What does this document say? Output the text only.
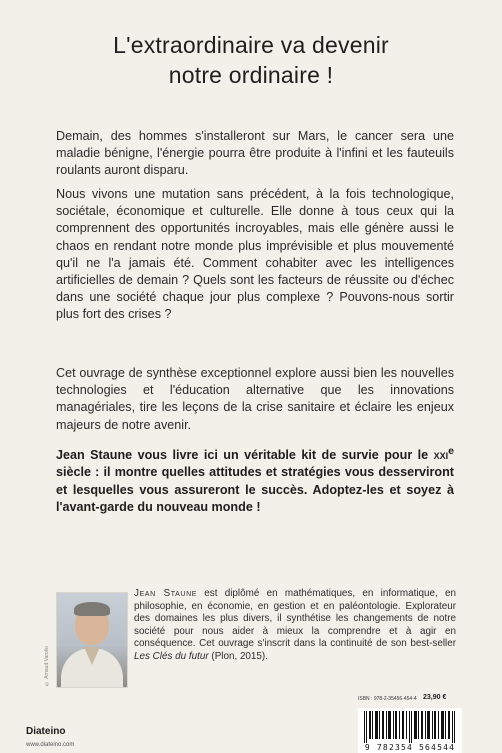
L'extraordinaire va devenir
notre ordinaire !
Demain, des hommes s'installeront sur Mars, le cancer sera une maladie bénigne, l'énergie pourra être produite à l'infini et les fauteuils roulants auront disparu.
Nous vivons une mutation sans précédent, à la fois technologique, sociétale, économique et culturelle. Elle donne à tous ceux qui la comprennent des opportunités incroyables, mais elle génère aussi le chaos en rendant notre monde plus imprévisible et plus mouvementé qu'il ne l'a jamais été. Comment cohabiter avec les intelligences artificielles de demain ? Quels sont les facteurs de réussite ou d'échec dans une société chaque jour plus complexe ? Pouvons-nous sortir plus fort des crises ?
Cet ouvrage de synthèse exceptionnel explore aussi bien les nouvelles technologies et l'éducation alternative que les innovations managériales, tire les leçons de la crise sanitaire et éclaire les enjeux majeurs de notre avenir.
Jean Staune vous livre ici un véritable kit de survie pour le xxi$^e$ siècle : il montre quelles attitudes et stratégies vous desserviront et lesquelles vous assureront le succès. Adoptez-les et soyez à l'avant-garde du nouveau monde !
© Arnaud Varolio
Jean Staune est diplômé en mathématiques, en informatique, en philosophie, en économie, en gestion et en paléontologie. Explorateur des domaines les plus divers, il synthétise les changements de notre société pour nous aider à mieux la comprendre et à agir en conséquence. Cet ouvrage s'inscrit dans la continuité de son best-seller Les Clés du futur (Plon, 2015).
ISBN : 978-2-35456-454-4 23,90 €
9 782354 564544
Diateino
www.diateino.com
